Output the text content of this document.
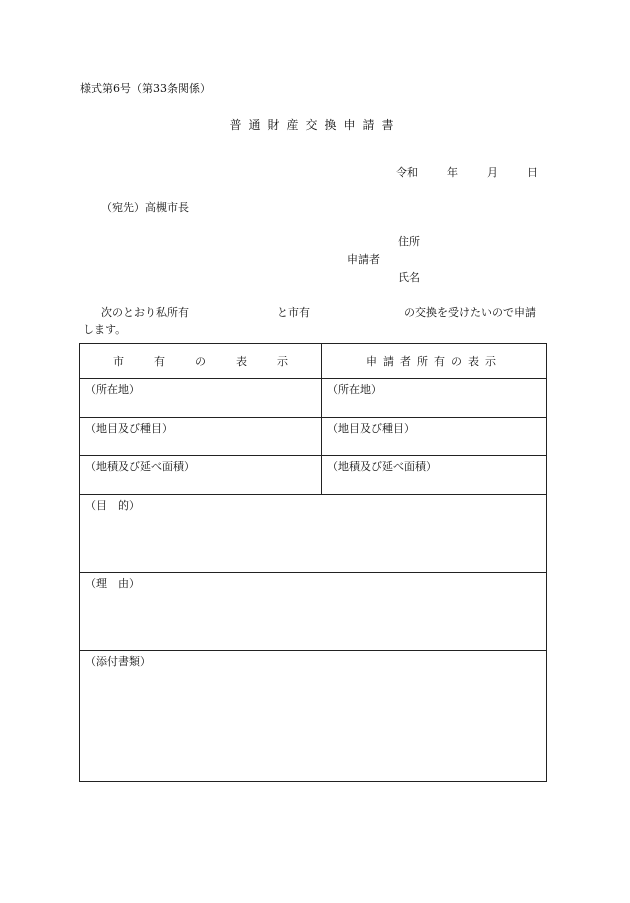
様式第6号（第33条関係）
普通財産交換申請書
令和	年	月	日
（宛先）高槻市長
住所
申請者
氏名
次のとおり私所有	と市有	の交換を受けたいので申請
します。
市 有 の 表 示	申請者所有の表示
（所在地）	（所在地）
（地目及び種目）	（地目及び種目）
（地積及び延べ面積）	（地積及び延べ面積）
（目　的）	
（理　由）	
（添付書類）	
